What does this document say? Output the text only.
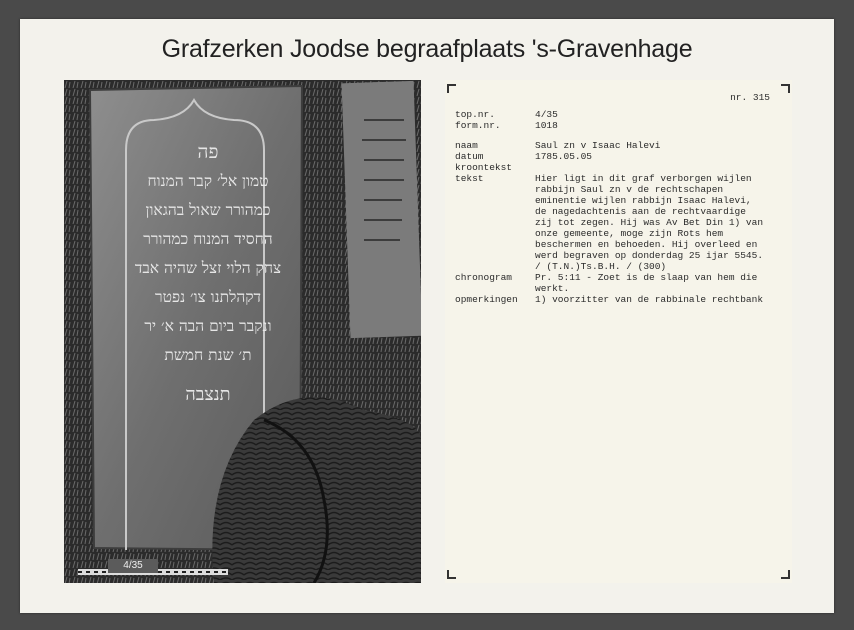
Grafzerken Joodse begraafplaats 's-Gravenhage
פה
טמון אל׳ קבר המנוח
כמהורר שאול בהגאון
החסיד המנוח כמהורר
צחק הלוי זצל שהיה אבד
דקהלתנו צו׳ נפטר
ונקבר ביום הבה א׳ יר
ת׳ שנת חמשת
תנצבה
4/35
nr. 315
top.nr.	4/35
form.nr.	1018
naam	Saul zn v Isaac Halevi
datum	1785.05.05
kroontekst
tekst	Hier ligt in dit graf verborgen wijlen
rabbijn Saul zn v de rechtschapen
eminentie wijlen rabbijn Isaac Halevi,
de nagedachtenis aan de rechtvaardige
zij tot zegen. Hij was Av Bet Din 1) van
onze gemeente, moge zijn Rots hem
beschermen en behoeden. Hij overleed en
werd begraven op donderdag 25 ijar 5545.
/ (T.N.)Ts.B.H. / (300)
chronogram	Pr. 5:11 - Zoet is de slaap van hem die
werkt.
opmerkingen	1) voorzitter van de rabbinale rechtbank
